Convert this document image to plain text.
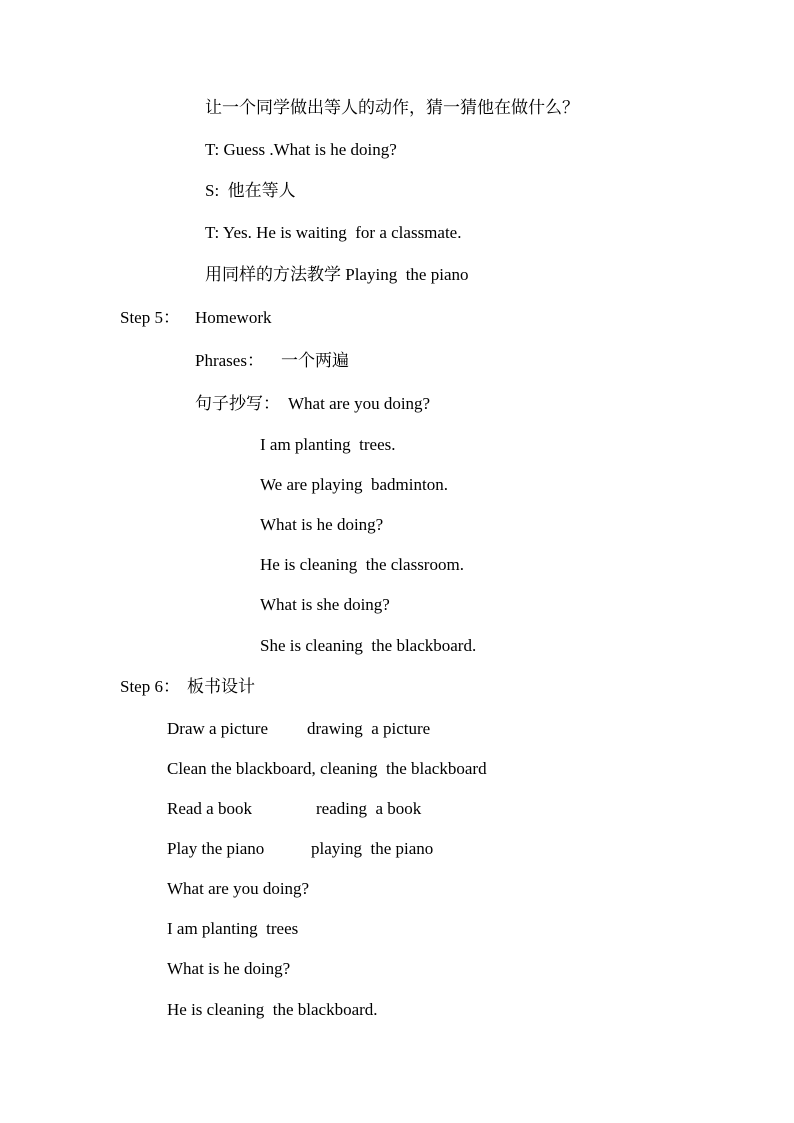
让一个同学做出等人的动作，猜一猜他在做什么？
T: Guess .What is he doing?
S:  他在等人
T: Yes. He is waiting  for a classmate.
用同样的方法教学 Playing  the piano
Step 5： Homework
Phrases： 一个两遍
句子抄写： What are you doing?
I am planting  trees.
We are playing  badminton.
What is he doing?
He is cleaning  the classroom.
What is she doing?
She is cleaning  the blackboard.
Step 6： 板书设计
Draw a picture drawing  a picture
Clean the blackboard, cleaning  the blackboard
Read a book	reading  a book
Play the piano	playing  the piano
What are you doing?
I am planting  trees
What is he doing?
He is cleaning  the blackboard.
